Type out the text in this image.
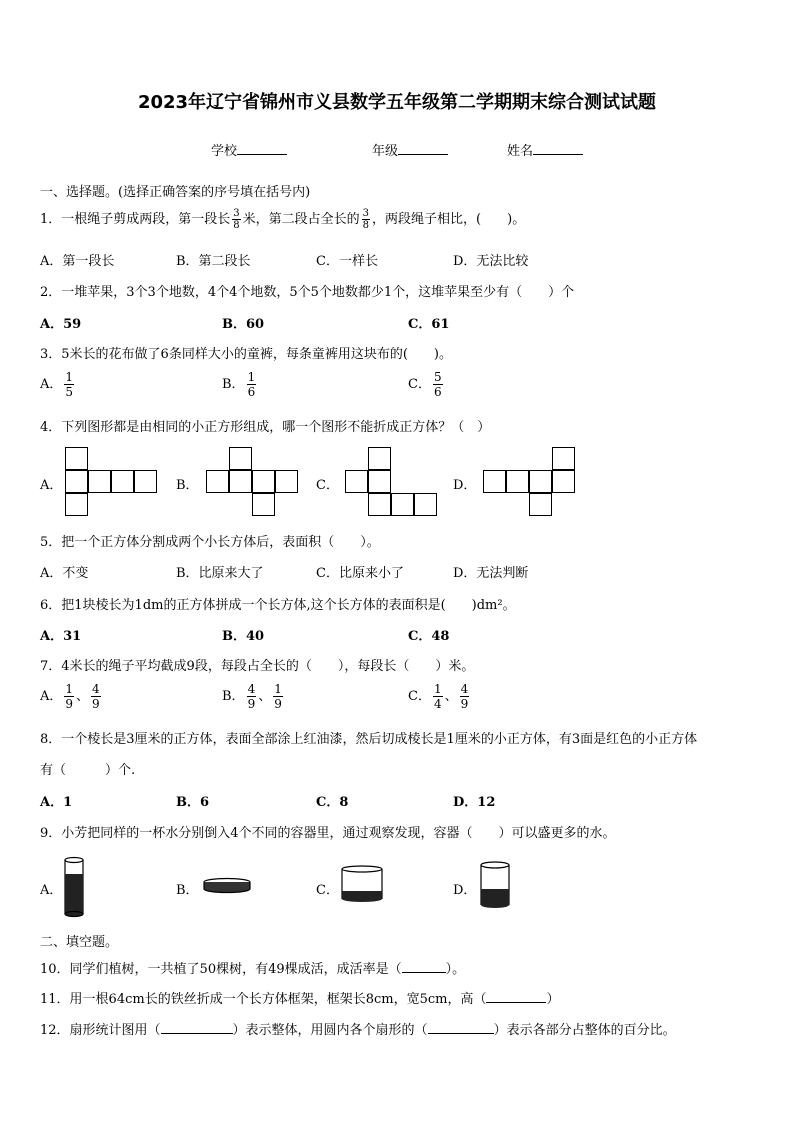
2023年辽宁省锦州市义县数学五年级第二学期期末综合测试试题
学校	年级	姓名
一、选择题。(选择正确答案的序号填在括号内)
1．一根绳子剪成两段，第一段长 $\frac{3}{8}$ 米，第二段占全长的 $\frac{3}{8}$ ，两段绳子相比，(　　)。
A．第一段长	B．第二段长	C．一样长	D．无法比较
2．一堆苹果，3个3个地数，4个4个地数，5个5个地数都少1个，这堆苹果至少有（　　）个
A．59	B．60	C．61
3．5米长的花布做了6条同样大小的童裤，每条童裤用这块布的(　　)。
A． $\frac{1}{5}$	B． $\frac{1}{6}$	C． $\frac{5}{6}$
4．下列图形都是由相同的小正方形组成，哪一个图形不能折成正方体？（　）
A．	B．	C．	D．
5．把一个正方体分割成两个小长方体后，表面积（　　）。
A．不变	B．比原来大了	C．比原来小了	D．无法判断
6．把1块棱长为1dm的正方体拼成一个长方体,这个长方体的表面积是(　　)dm²。
A．31	B．40	C．48
7．4米长的绳子平均截成9段，每段占全长的（　　），每段长（　　）米。
A． $\frac{1}{9}$ 、 $\frac{4}{9}$	B． $\frac{4}{9}$ 、 $\frac{1}{9}$	C． $\frac{1}{4}$ 、 $\frac{4}{9}$
8．一个棱长是3厘米的正方体，表面全部涂上红油漆，然后切成棱长是1厘米的小正方体，有3面是红色的小正方体
有（　　　）个.
A．1	B．6	C．8	D．12
9．小芳把同样的一杯水分别倒入4个不同的容器里，通过观察发现，容器（　　）可以盛更多的水。
A．	B．	C．	D．
二、填空题。
10．同学们植树，一共植了50棵树，有49棵成活，成活率是（	）。
11．用一根64cm长的铁丝折成一个长方体框架，框架长8cm，宽5cm，高（	）
12．扇形统计图用（	）表示整体，用圆内各个扇形的（	）表示各部分占整体的百分比。
